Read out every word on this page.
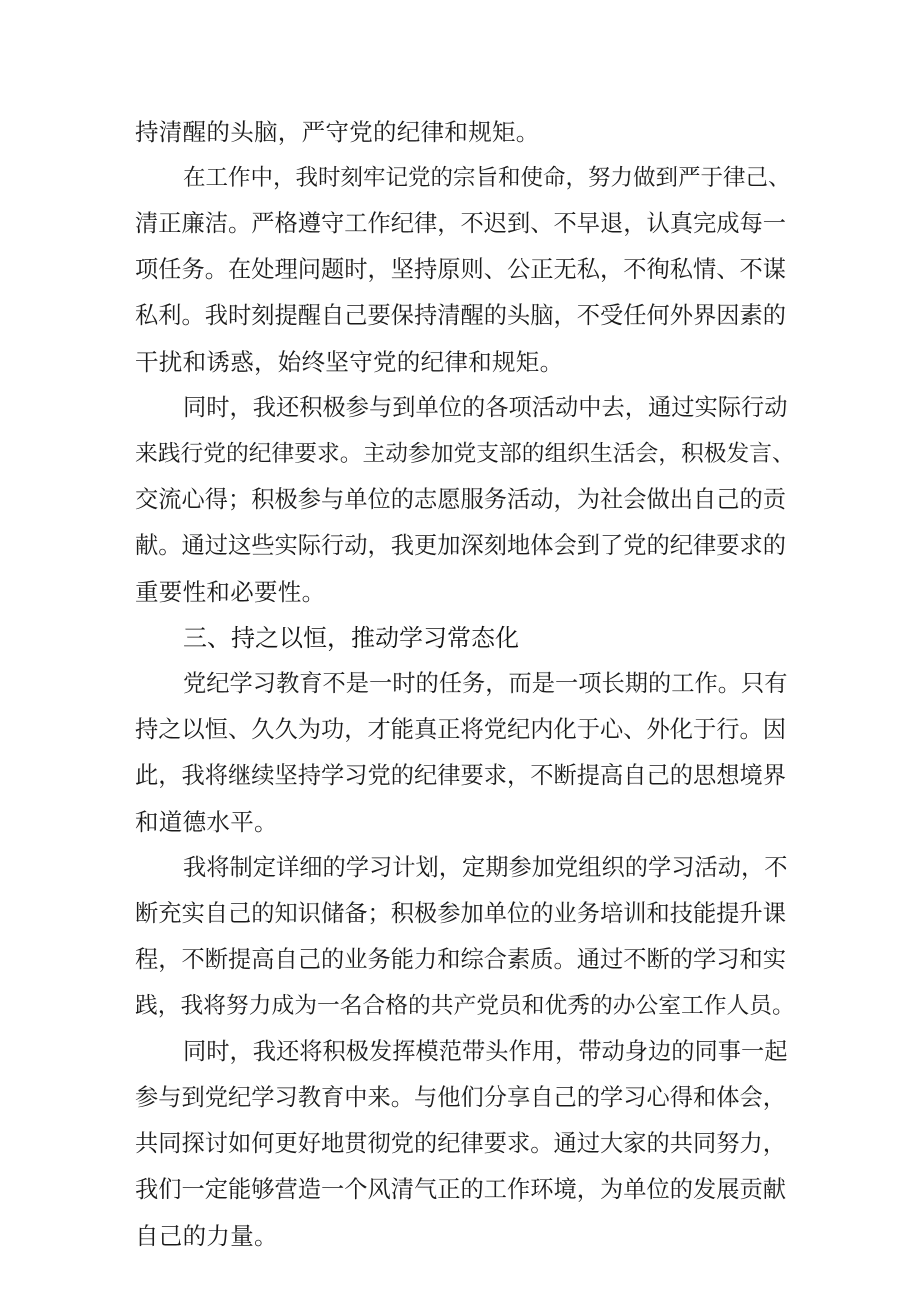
持清醒的头脑，严守党的纪律和规矩。
在工作中，我时刻牢记党的宗旨和使命，努力做到严于律己、
清正廉洁。严格遵守工作纪律，不迟到、不早退，认真完成每一
项任务。在处理问题时，坚持原则、公正无私，不徇私情、不谋
私利。我时刻提醒自己要保持清醒的头脑，不受任何外界因素的
干扰和诱惑，始终坚守党的纪律和规矩。
同时，我还积极参与到单位的各项活动中去，通过实际行动
来践行党的纪律要求。主动参加党支部的组织生活会，积极发言、
交流心得；积极参与单位的志愿服务活动，为社会做出自己的贡
献。通过这些实际行动，我更加深刻地体会到了党的纪律要求的
重要性和必要性。
三、持之以恒，推动学习常态化
党纪学习教育不是一时的任务，而是一项长期的工作。只有
持之以恒、久久为功，才能真正将党纪内化于心、外化于行。因
此，我将继续坚持学习党的纪律要求，不断提高自己的思想境界
和道德水平。
我将制定详细的学习计划，定期参加党组织的学习活动，不
断充实自己的知识储备；积极参加单位的业务培训和技能提升课
程，不断提高自己的业务能力和综合素质。通过不断的学习和实
践，我将努力成为一名合格的共产党员和优秀的办公室工作人员。
同时，我还将积极发挥模范带头作用，带动身边的同事一起
参与到党纪学习教育中来。与他们分享自己的学习心得和体会，
共同探讨如何更好地贯彻党的纪律要求。通过大家的共同努力，
我们一定能够营造一个风清气正的工作环境，为单位的发展贡献
自己的力量。
